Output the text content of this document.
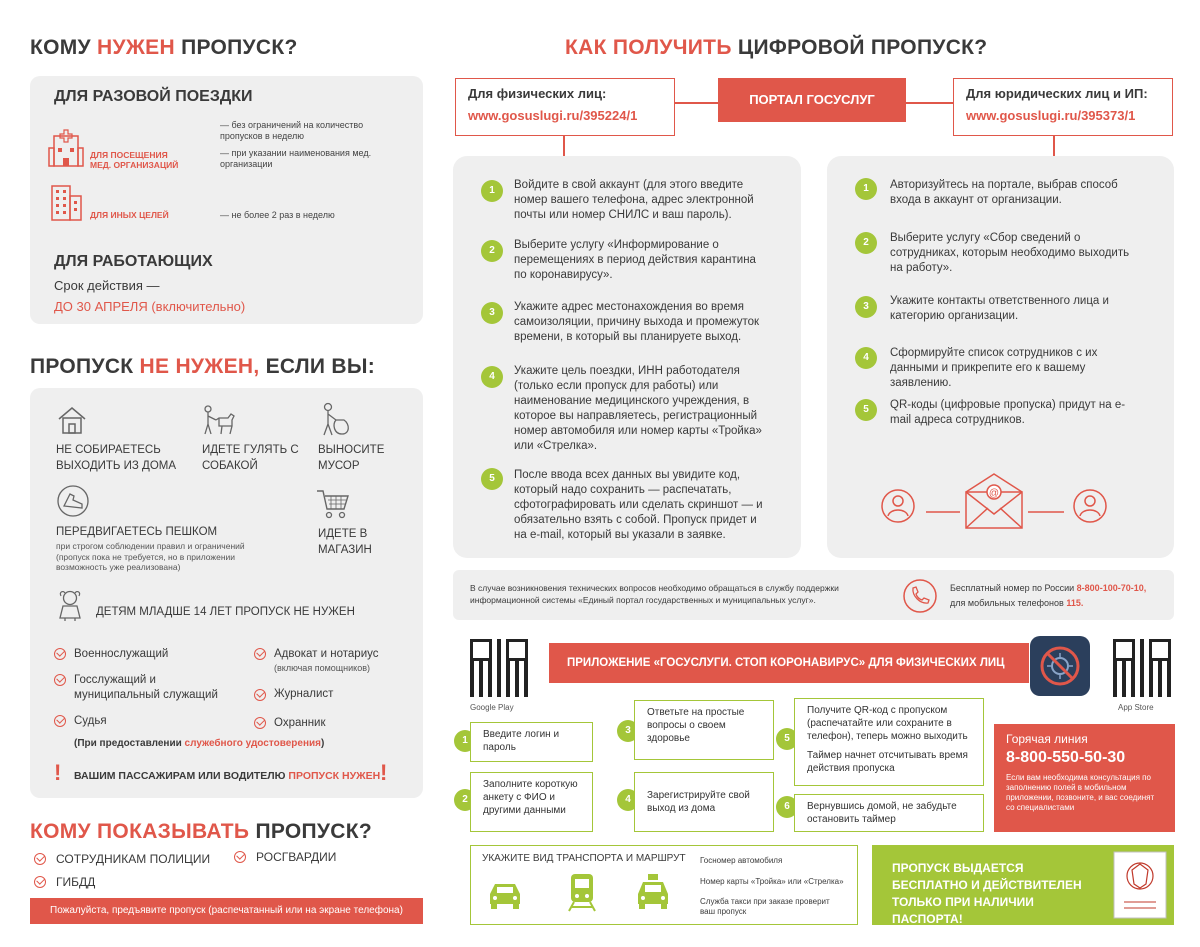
КОМУ НУЖЕН ПРОПУСК?
ДЛЯ РАЗОВОЙ ПОЕЗДКИ
ДЛЯ ПОСЕЩЕНИЯ МЕД. ОРГАНИЗАЦИЙ
— без ограничений на количество пропусков в неделю
— при указании наименования мед. организации
ДЛЯ ИНЫХ ЦЕЛЕЙ	— не более 2 раз в неделю
ДЛЯ РАБОТАЮЩИХ
Срок действия —
ДО 30 АПРЕЛЯ (включительно)
ПРОПУСК НЕ НУЖЕН, ЕСЛИ ВЫ:
НЕ СОБИРАЕТЕСЬ ВЫХОДИТЬ ИЗ ДОМА
ИДЕТЕ ГУЛЯТЬ С СОБАКОЙ
ВЫНОСИТЕ МУСОР
ПЕРЕДВИГАЕТЕСЬ ПЕШКОМ
при строгом соблюдении правил и ограничений (пропуск пока не требуется, но в приложении возможность уже реализована)
ИДЕТЕ В МАГАЗИН
ДЕТЯМ МЛАДШЕ 14 ЛЕТ ПРОПУСК НЕ НУЖЕН
Военнослужащий
Госслужащий и муниципальный служащий
Судья
Адвокат и нотариус
(включая помощников)
Журналист
Охранник
(При предоставлении служебного удостоверения)
! ВАШИМ ПАССАЖИРАМ ИЛИ ВОДИТЕЛЮ ПРОПУСК НУЖЕН !
КОМУ ПОКАЗЫВАТЬ ПРОПУСК?
СОТРУДНИКАМ ПОЛИЦИИ	РОСГВАРДИИ
ГИБДД
Пожалуйста, предъявите пропуск (распечатанный или на экране телефона)
КАК ПОЛУЧИТЬ ЦИФРОВОЙ ПРОПУСК?
Для физических лиц:
www.gosuslugi.ru/395224/1
ПОРТАЛ ГОСУСЛУГ	Для юридических лиц и ИП:
www.gosuslugi.ru/395373/1
1	Войдите в свой аккаунт (для этого введите номер вашего телефона, адрес электронной почты или номер СНИЛС и ваш пароль).
2	Выберите услугу «Информирование о перемещениях в период действия карантина по коронавирусу».
3	Укажите адрес местонахождения во время самоизоляции, причину выхода и промежуток времени, в который вы планируете выход.
4	Укажите цель поездки, ИНН работодателя (только если пропуск для работы) или наименование медицинского учреждения, в которое вы направляетесь, регистрационный номер автомобиля или номер карты «Тройка» или «Стрелка».
5	После ввода всех данных вы увидите код, который надо сохранить — распечатать, сфотографировать или сделать скриншот — и обязательно взять с собой. Пропуск придет и на e-mail, который вы указали в заявке.
1	Авторизуйтесь на портале, выбрав способ входа в аккаунт от организации.
2	Выберите услугу «Сбор сведений о сотрудниках, которым необходимо выходить на работу».
3	Укажите контакты ответственного лица и категорию организации.
4	Сформируйте список сотрудников с их данными и прикрепите его к вашему заявлению.
5	QR-коды (цифровые пропуска) придут на e-mail адреса сотрудников.
@
В случае возникновения технических вопросов необходимо обращаться в службу поддержки информационной системы «Единый портал государственных и муниципальных услуг».
Бесплатный номер по России 8-800-100-70-10,
для мобильных телефонов 115.
Google Play
ПРИЛОЖЕНИЕ «ГОСУСЛУГИ. СТОП КОРОНАВИРУС» ДЛЯ ФИЗИЧЕСКИХ ЛИЦ
App Store
1
Введите логин и пароль
2
Заполните короткую анкету с ФИО и другими данными
3
Ответьте на простые вопросы о своем здоровье
4	Зарегистрируйте свой выход из дома
5
Получите QR-код с пропуском (распечатайте или сохраните в телефон), теперь можно выходить
Таймер начнет отсчитывать время действия пропуска
6	Вернувшись домой, не забудьте остановить таймер
Горячая линия
8-800-550-50-30
Если вам необходима консультация по заполнению полей в мобильном приложении, позвоните, и вас соединят со специалистами
УКАЖИТЕ ВИД ТРАНСПОРТА И МАРШРУТ Госномер автомобиля
Номер карты «Тройка» или «Стрелка»
Служба такси при заказе проверит ваш пропуск
ПРОПУСК ВЫДАЕТСЯ БЕСПЛАТНО И ДЕЙСТВИТЕЛЕН ТОЛЬКО ПРИ НАЛИЧИИ ПАСПОРТА!
